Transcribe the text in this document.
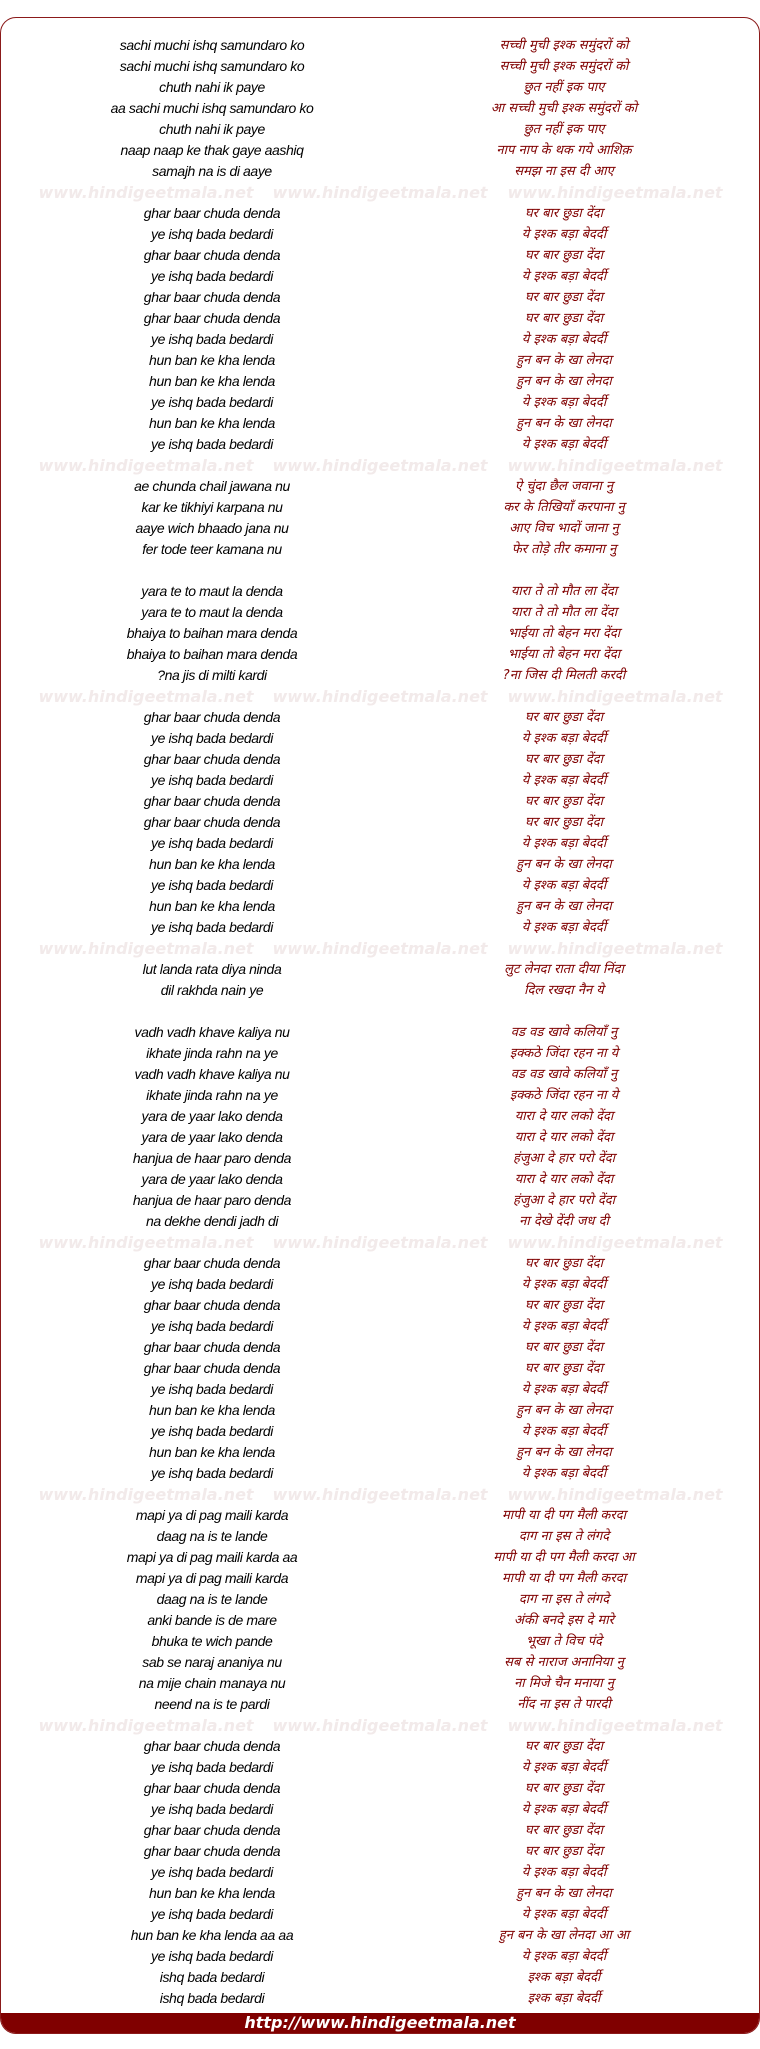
sachi muchi ishq samundaro ko	सच्ची मुची इश्क समुंदरों को
sachi muchi ishq samundaro ko	सच्ची मुची इश्क समुंदरों को
chuth nahi ik paye	छुत नहीं इक पाए
aa sachi muchi ishq samundaro ko	आ सच्ची मुची इश्क समुंदरों को
chuth nahi ik paye	छुत नहीं इक पाए
naap naap ke thak gaye aashiq	नाप नाप के थक गये आशिक़
samajh na is di aaye	समझ ना इस दी आए
www.hindigeetmala.net www.hindigeetmala.net www.hindigeetmala.net
ghar baar chuda denda	घर बार छुडा देंदा
ye ishq bada bedardi	ये इश्क बड़ा बेदर्दी
ghar baar chuda denda	घर बार छुडा देंदा
ye ishq bada bedardi	ये इश्क बड़ा बेदर्दी
ghar baar chuda denda	घर बार छुडा देंदा
ghar baar chuda denda	घर बार छुडा देंदा
ye ishq bada bedardi	ये इश्क बड़ा बेदर्दी
hun ban ke kha lenda	हुन बन के खा लेनदा
hun ban ke kha lenda	हुन बन के खा लेनदा
ye ishq bada bedardi	ये इश्क बड़ा बेदर्दी
hun ban ke kha lenda	हुन बन के खा लेनदा
ye ishq bada bedardi	ये इश्क बड़ा बेदर्दी
www.hindigeetmala.net www.hindigeetmala.net www.hindigeetmala.net
ae chunda chail jawana nu	ऐ चुंदा छैल जवाना नु
kar ke tikhiyi karpana nu	कर के तिखियाँ करपाना नु
aaye wich bhaado jana nu	आए विच भादों जाना नु
fer tode teer kamana nu	फेर तोड़े तीर कमाना नु
yara te to maut la denda	यारा ते तो मौत ला देंदा
yara te to maut la denda	यारा ते तो मौत ला देंदा
bhaiya to baihan mara denda	भाईया तो बेहन मरा देंदा
bhaiya to baihan mara denda	भाईया तो बेहन मरा देंदा
?na jis di milti kardi	?ना जिस दी मिलती करदी
www.hindigeetmala.net www.hindigeetmala.net www.hindigeetmala.net
ghar baar chuda denda	घर बार छुडा देंदा
ye ishq bada bedardi	ये इश्क बड़ा बेदर्दी
ghar baar chuda denda	घर बार छुडा देंदा
ye ishq bada bedardi	ये इश्क बड़ा बेदर्दी
ghar baar chuda denda	घर बार छुडा देंदा
ghar baar chuda denda	घर बार छुडा देंदा
ye ishq bada bedardi	ये इश्क बड़ा बेदर्दी
hun ban ke kha lenda	हुन बन के खा लेनदा
ye ishq bada bedardi	ये इश्क बड़ा बेदर्दी
hun ban ke kha lenda	हुन बन के खा लेनदा
ye ishq bada bedardi	ये इश्क बड़ा बेदर्दी
www.hindigeetmala.net www.hindigeetmala.net www.hindigeetmala.net
lut landa rata diya ninda	लुट लेनदा राता दीया निंदा
dil rakhda nain ye	दिल रखदा नैन ये
vadh vadh khave kaliya nu	वड वड खावे कलियाँ नु
ikhate jinda rahn na ye	इक्कठे जिंदा रहन ना ये
vadh vadh khave kaliya nu	वड वड खावे कलियाँ नु
ikhate jinda rahn na ye	इक्कठे जिंदा रहन ना ये
yara de yaar lako denda	यारा दे यार लको देंदा
yara de yaar lako denda	यारा दे यार लको देंदा
hanjua de haar paro denda	हंजुआ दे हार परो देंदा
yara de yaar lako denda	यारा दे यार लको देंदा
hanjua de haar paro denda	हंजुआ दे हार परो देंदा
na dekhe dendi jadh di	ना देखे देंदी जध दी
www.hindigeetmala.net www.hindigeetmala.net www.hindigeetmala.net
ghar baar chuda denda	घर बार छुडा देंदा
ye ishq bada bedardi	ये इश्क बड़ा बेदर्दी
ghar baar chuda denda	घर बार छुडा देंदा
ye ishq bada bedardi	ये इश्क बड़ा बेदर्दी
ghar baar chuda denda	घर बार छुडा देंदा
ghar baar chuda denda	घर बार छुडा देंदा
ye ishq bada bedardi	ये इश्क बड़ा बेदर्दी
hun ban ke kha lenda	हुन बन के खा लेनदा
ye ishq bada bedardi	ये इश्क बड़ा बेदर्दी
hun ban ke kha lenda	हुन बन के खा लेनदा
ye ishq bada bedardi	ये इश्क बड़ा बेदर्दी
www.hindigeetmala.net www.hindigeetmala.net www.hindigeetmala.net
mapi ya di pag maili karda	मापी या दी पग मैली करदा
daag na is te lande	दाग ना इस ते लंगदे
mapi ya di pag maili karda aa	मापी या दी पग मैली करदा आ
mapi ya di pag maili karda	मापी या दी पग मैली करदा
daag na is te lande	दाग ना इस ते लंगदे
anki bande is de mare	अंकी बनदे इस दे मारे
bhuka te wich pande	भूखा ते विच पंदे
sab se naraj ananiya nu	सब से नाराज अनानिया नु
na mije chain manaya nu	ना मिजे चैन मनाया नु
neend na is te pardi	नींद ना इस ते पारदी
www.hindigeetmala.net www.hindigeetmala.net www.hindigeetmala.net
ghar baar chuda denda	घर बार छुडा देंदा
ye ishq bada bedardi	ये इश्क बड़ा बेदर्दी
ghar baar chuda denda	घर बार छुडा देंदा
ye ishq bada bedardi	ये इश्क बड़ा बेदर्दी
ghar baar chuda denda	घर बार छुडा देंदा
ghar baar chuda denda	घर बार छुडा देंदा
ye ishq bada bedardi	ये इश्क बड़ा बेदर्दी
hun ban ke kha lenda	हुन बन के खा लेनदा
ye ishq bada bedardi	ये इश्क बड़ा बेदर्दी
hun ban ke kha lenda aa aa	हुन बन के खा लेनदा आ आ
ye ishq bada bedardi	ये इश्क बड़ा बेदर्दी
ishq bada bedardi	इश्क बड़ा बेदर्दी
ishq bada bedardi	इश्क बड़ा बेदर्दी
http://www.hindigeetmala.net
